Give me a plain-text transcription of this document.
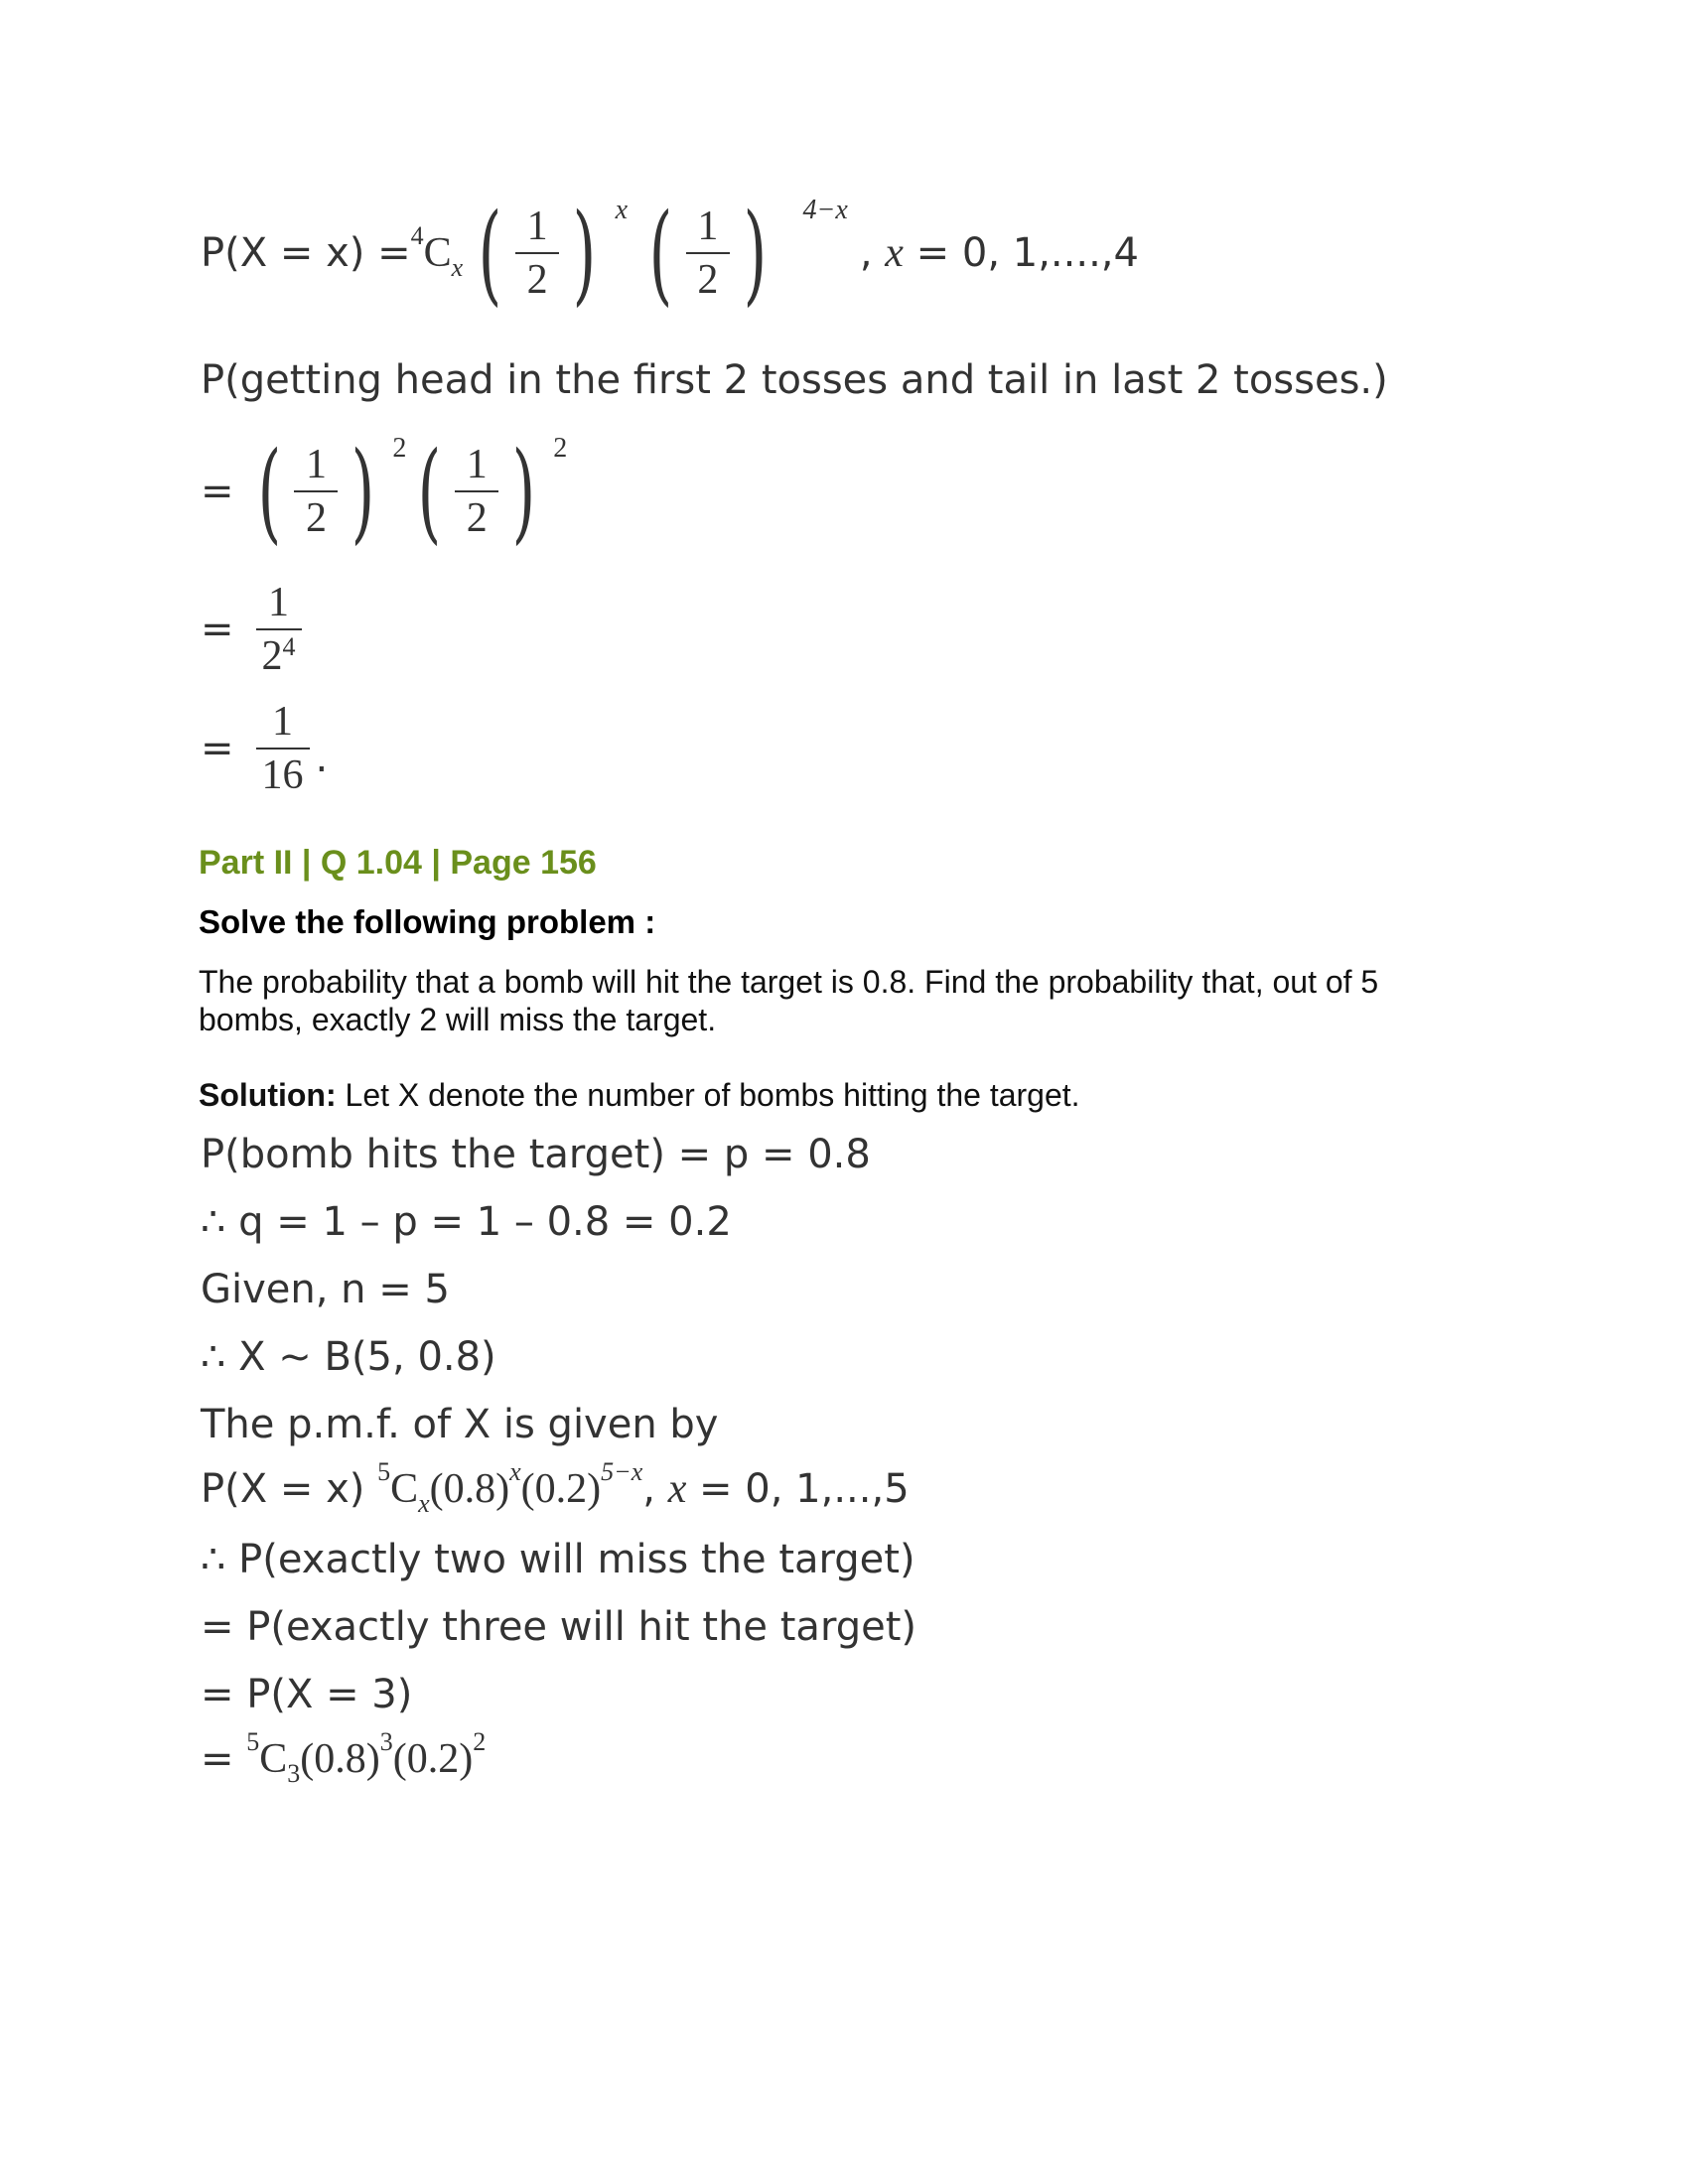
$P(X = x) = ^4C_x$ ( $\frac{1}{2}$ ) $^x$ ( $\frac{1}{2}$ ) $^{4-x}$
, x = 0, 1,....,4
P(getting head in the first 2 tosses and tail in last 2 tosses.)
= ( $\frac{1}{2}$ ) $^2$ ( $\frac{1}{2}$ ) $^2$
= $\frac{1}{2^4}$
= $\frac{1}{16}$ .
Part II | Q 1.04 | Page 156
Solve the following problem :
The probability that a bomb will hit the target is 0.8. Find the probability that, out of 5 bombs, exactly 2 will miss the target.
Solution: Let X denote the number of bombs hitting the target.
P(bomb hits the target) = p = 0.8
∴ q = 1 – p = 1 – 0.8 = 0.2
Given, n = 5
∴ X ~ B(5, 0.8)
The p.m.f. of X is given by
P(X = x) $^5C_x(0.8)^x(0.2)^{5-x}$, x = 0, 1,...,5
∴ P(exactly two will miss the target)
= P(exactly three will hit the target)
= P(X = 3)
= $^5C_3(0.8)^3(0.2)^2$
